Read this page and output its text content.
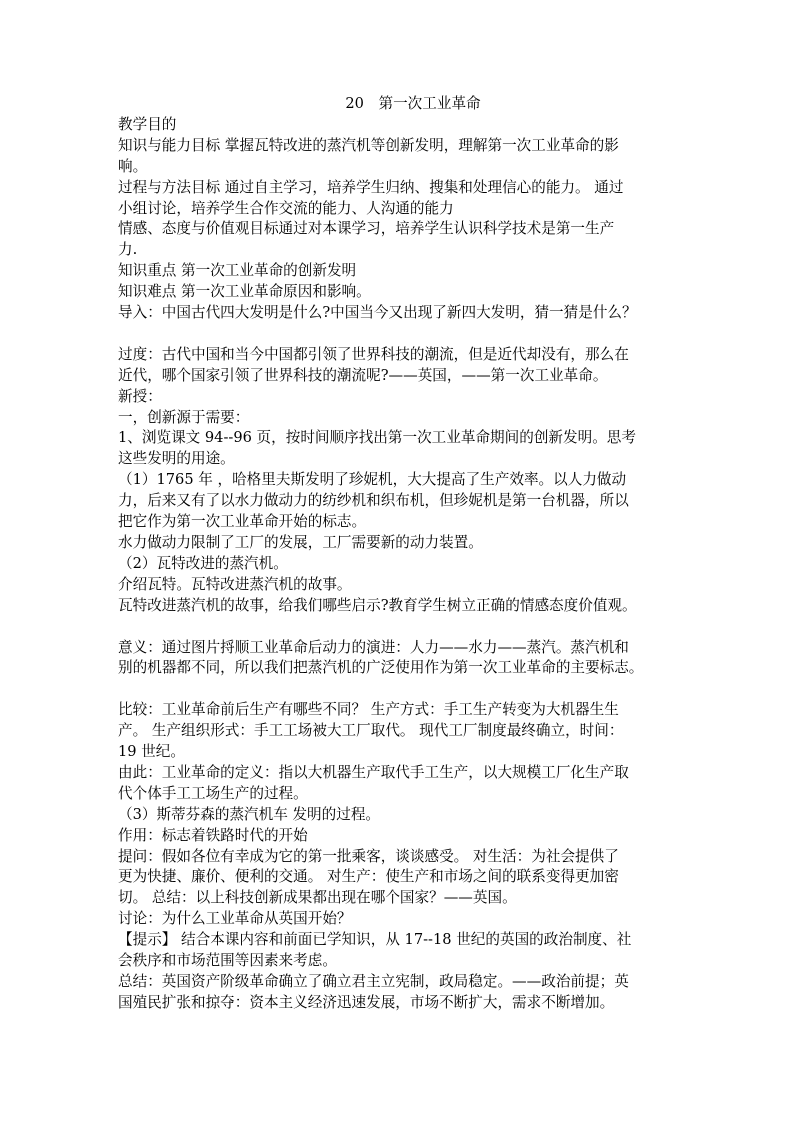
20　第一次工业革命

教学目的

知识与能力目标 掌握瓦特改进的蒸汽机等创新发明，理解第一次工业革命的影

响。

过程与方法目标 通过自主学习，培养学生归纳、搜集和处理信心的能力。 通过

小组讨论，培养学生合作交流的能力、人沟通的能力

情感、态度与价值观目标通过对本课学习，培养学生认识科学技术是第一生产

力.

知识重点 第一次工业革命的创新发明

知识难点 第一次工业革命原因和影响。

导入：中国古代四大发明是什么?中国当今又出现了新四大发明，猜一猜是什么？

过度：古代中国和当今中国都引领了世界科技的潮流，但是近代却没有，那么在

近代，哪个国家引领了世界科技的潮流呢?——英国，——第一次工业革命。

新授：

一，创新源于需要：

1、浏览课文 94--96 页，按时间顺序找出第一次工业革命期间的创新发明。思考

这些发明的用途。

（1）1765 年 ，哈格里夫斯发明了珍妮机，大大提高了生产效率。以人力做动

力，后来又有了以水力做动力的纺纱机和织布机，但珍妮机是第一台机器，所以

把它作为第一次工业革命开始的标志。

水力做动力限制了工厂的发展，工厂需要新的动力装置。

（2）瓦特改进的蒸汽机。

介绍瓦特。瓦特改进蒸汽机的故事。

瓦特改进蒸汽机的故事，给我们哪些启示?教育学生树立正确的情感态度价值观。

意义：通过图片捋顺工业革命后动力的演进：人力——水力——蒸汽。蒸汽机和

别的机器都不同，所以我们把蒸汽机的广泛使用作为第一次工业革命的主要标志。

比较：工业革命前后生产有哪些不同？ 生产方式：手工生产转变为大机器生生

产。 生产组织形式：手工工场被大工厂取代。 现代工厂制度最终确立，时间：

19 世纪。

由此：工业革命的定义：指以大机器生产取代手工生产，以大规模工厂化生产取

代个体手工工场生产的过程。

（3）斯蒂芬森的蒸汽机车 发明的过程。

作用：标志着铁路时代的开始

提问：假如各位有幸成为它的第一批乘客，谈谈感受。 对生活：为社会提供了

更为快捷、廉价、便利的交通。 对生产：使生产和市场之间的联系变得更加密

切。 总结：以上科技创新成果都出现在哪个国家？——英国。

讨论：为什么工业革命从英国开始？

【提示】 结合本课内容和前面已学知识，从 17--18 世纪的英国的政治制度、社

会秩序和市场范围等因素来考虑。

总结：英国资产阶级革命确立了确立君主立宪制，政局稳定。——政治前提；英

国殖民扩张和掠夺：资本主义经济迅速发展，市场不断扩大，需求不断增加。
